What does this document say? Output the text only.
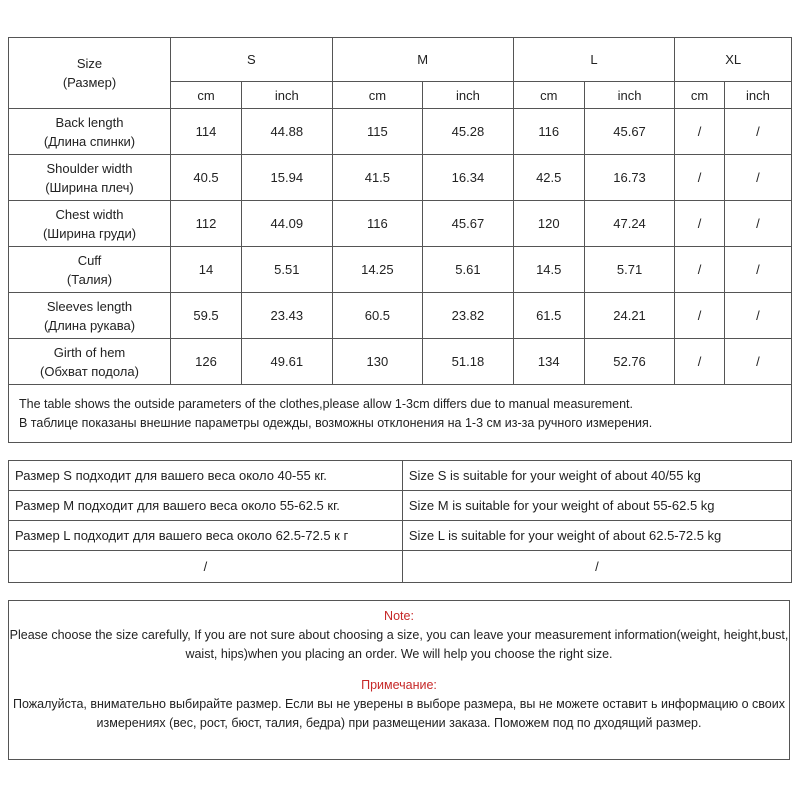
Size
(Размер)	S		M		L		XL	
	cm	inch	cm	inch	cm	inch	cm	inch

Back length
(Длина спинки)	114	44.88	115	45.28	116	45.67	/	/

Shoulder width
(Ширина плеч)	40.5	15.94	41.5	16.34	42.5	16.73	/	/

Chest width
(Ширина груди)	112	44.09	116	45.67	120	47.24	/	/

Cuff
(Талия)	14	5.51	14.25	5.61	14.5	5.71	/	/

Sleeves length
(Длина рукава)	59.5	23.43	60.5	23.82	61.5	24.21	/	/

Girth of hem
(Обхват подола)	126	49.61	130	51.18	134	52.76	/	/

The table shows the outside parameters of the clothes,please allow 1-3cm differs due to manual measurement.
В таблице показаны внешние параметры одежды, возможны отклонения на 1-3 см из-за ручного измерения.								
Размер S подходит для вашего веса около 40-55 кг.	Size S is suitable for your weight of about 40/55 kg
Размер M подходит для вашего веса около 55-62.5 кг.	Size M is suitable for your weight of about 55-62.5 kg
Размер L подходит для вашего веса около 62.5-72.5 к г	Size L is suitable for your weight of about 62.5-72.5 kg
/	/
Note:
Please choose the size carefully, If you are not sure about choosing a size, you can leave your measurement information(weight, height,bust, waist, hips)when you placing an order. We will help you choose the right size.
Примечание:
Пожалуйста, внимательно выбирайте размер. Если вы не уверены в выборе размера, вы не можете оставит ь информацию о своих измерениях (вес, рост, бюст, талия, бедра) при размещении заказа. Поможем под по дходящий размер.
